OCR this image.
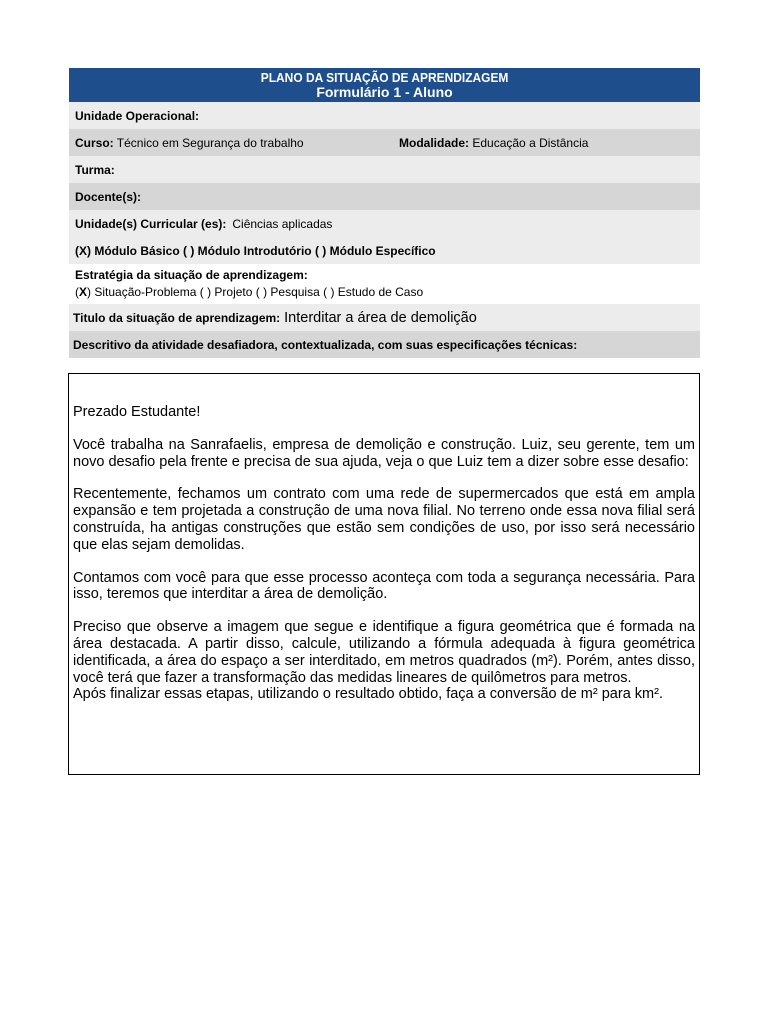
PLANO DA SITUAÇÃO DE APRENDIZAGEM
Formulário 1 - Aluno
Unidade Operacional:
Curso: Técnico em Segurança do trabalho	Modalidade: Educação a Distância
Turma:
Docente(s):
Unidade(s) Curricular (es): Ciências aplicadas
(X) Módulo Básico ( ) Módulo Introdutório ( ) Módulo Específico
Estratégia da situação de aprendizagem:
(X) Situação-Problema ( ) Projeto ( ) Pesquisa ( ) Estudo de Caso
Titulo da situação de aprendizagem: Interditar a área de demolição
Descritivo da atividade desafiadora, contextualizada, com suas especificações técnicas:

Prezado Estudante!

Você trabalha na Sanrafaelis, empresa de demolição e construção. Luiz, seu gerente, tem um novo desafio pela frente e precisa de sua ajuda, veja o que Luiz tem a dizer sobre esse desafio:

Recentemente, fechamos um contrato com uma rede de supermercados que está em ampla expansão e tem projetada a construção de uma nova filial. No terreno onde essa nova filial será construída, ha antigas construções que estão sem condições de uso, por isso será necessário que elas sejam demolidas.

Contamos com você para que esse processo aconteça com toda a segurança necessária. Para isso, teremos que interditar a área de demolição.

Preciso que observe a imagem que segue e identifique a figura geométrica que é formada na área destacada. A partir disso, calcule, utilizando a fórmula adequada à figura geométrica identificada, a área do espaço a ser interditado, em metros quadrados (m²). Porém, antes disso, você terá que fazer a transformação das medidas lineares de quilômetros para metros.

Após finalizar essas etapas, utilizando o resultado obtido, faça a conversão de m² para km².
